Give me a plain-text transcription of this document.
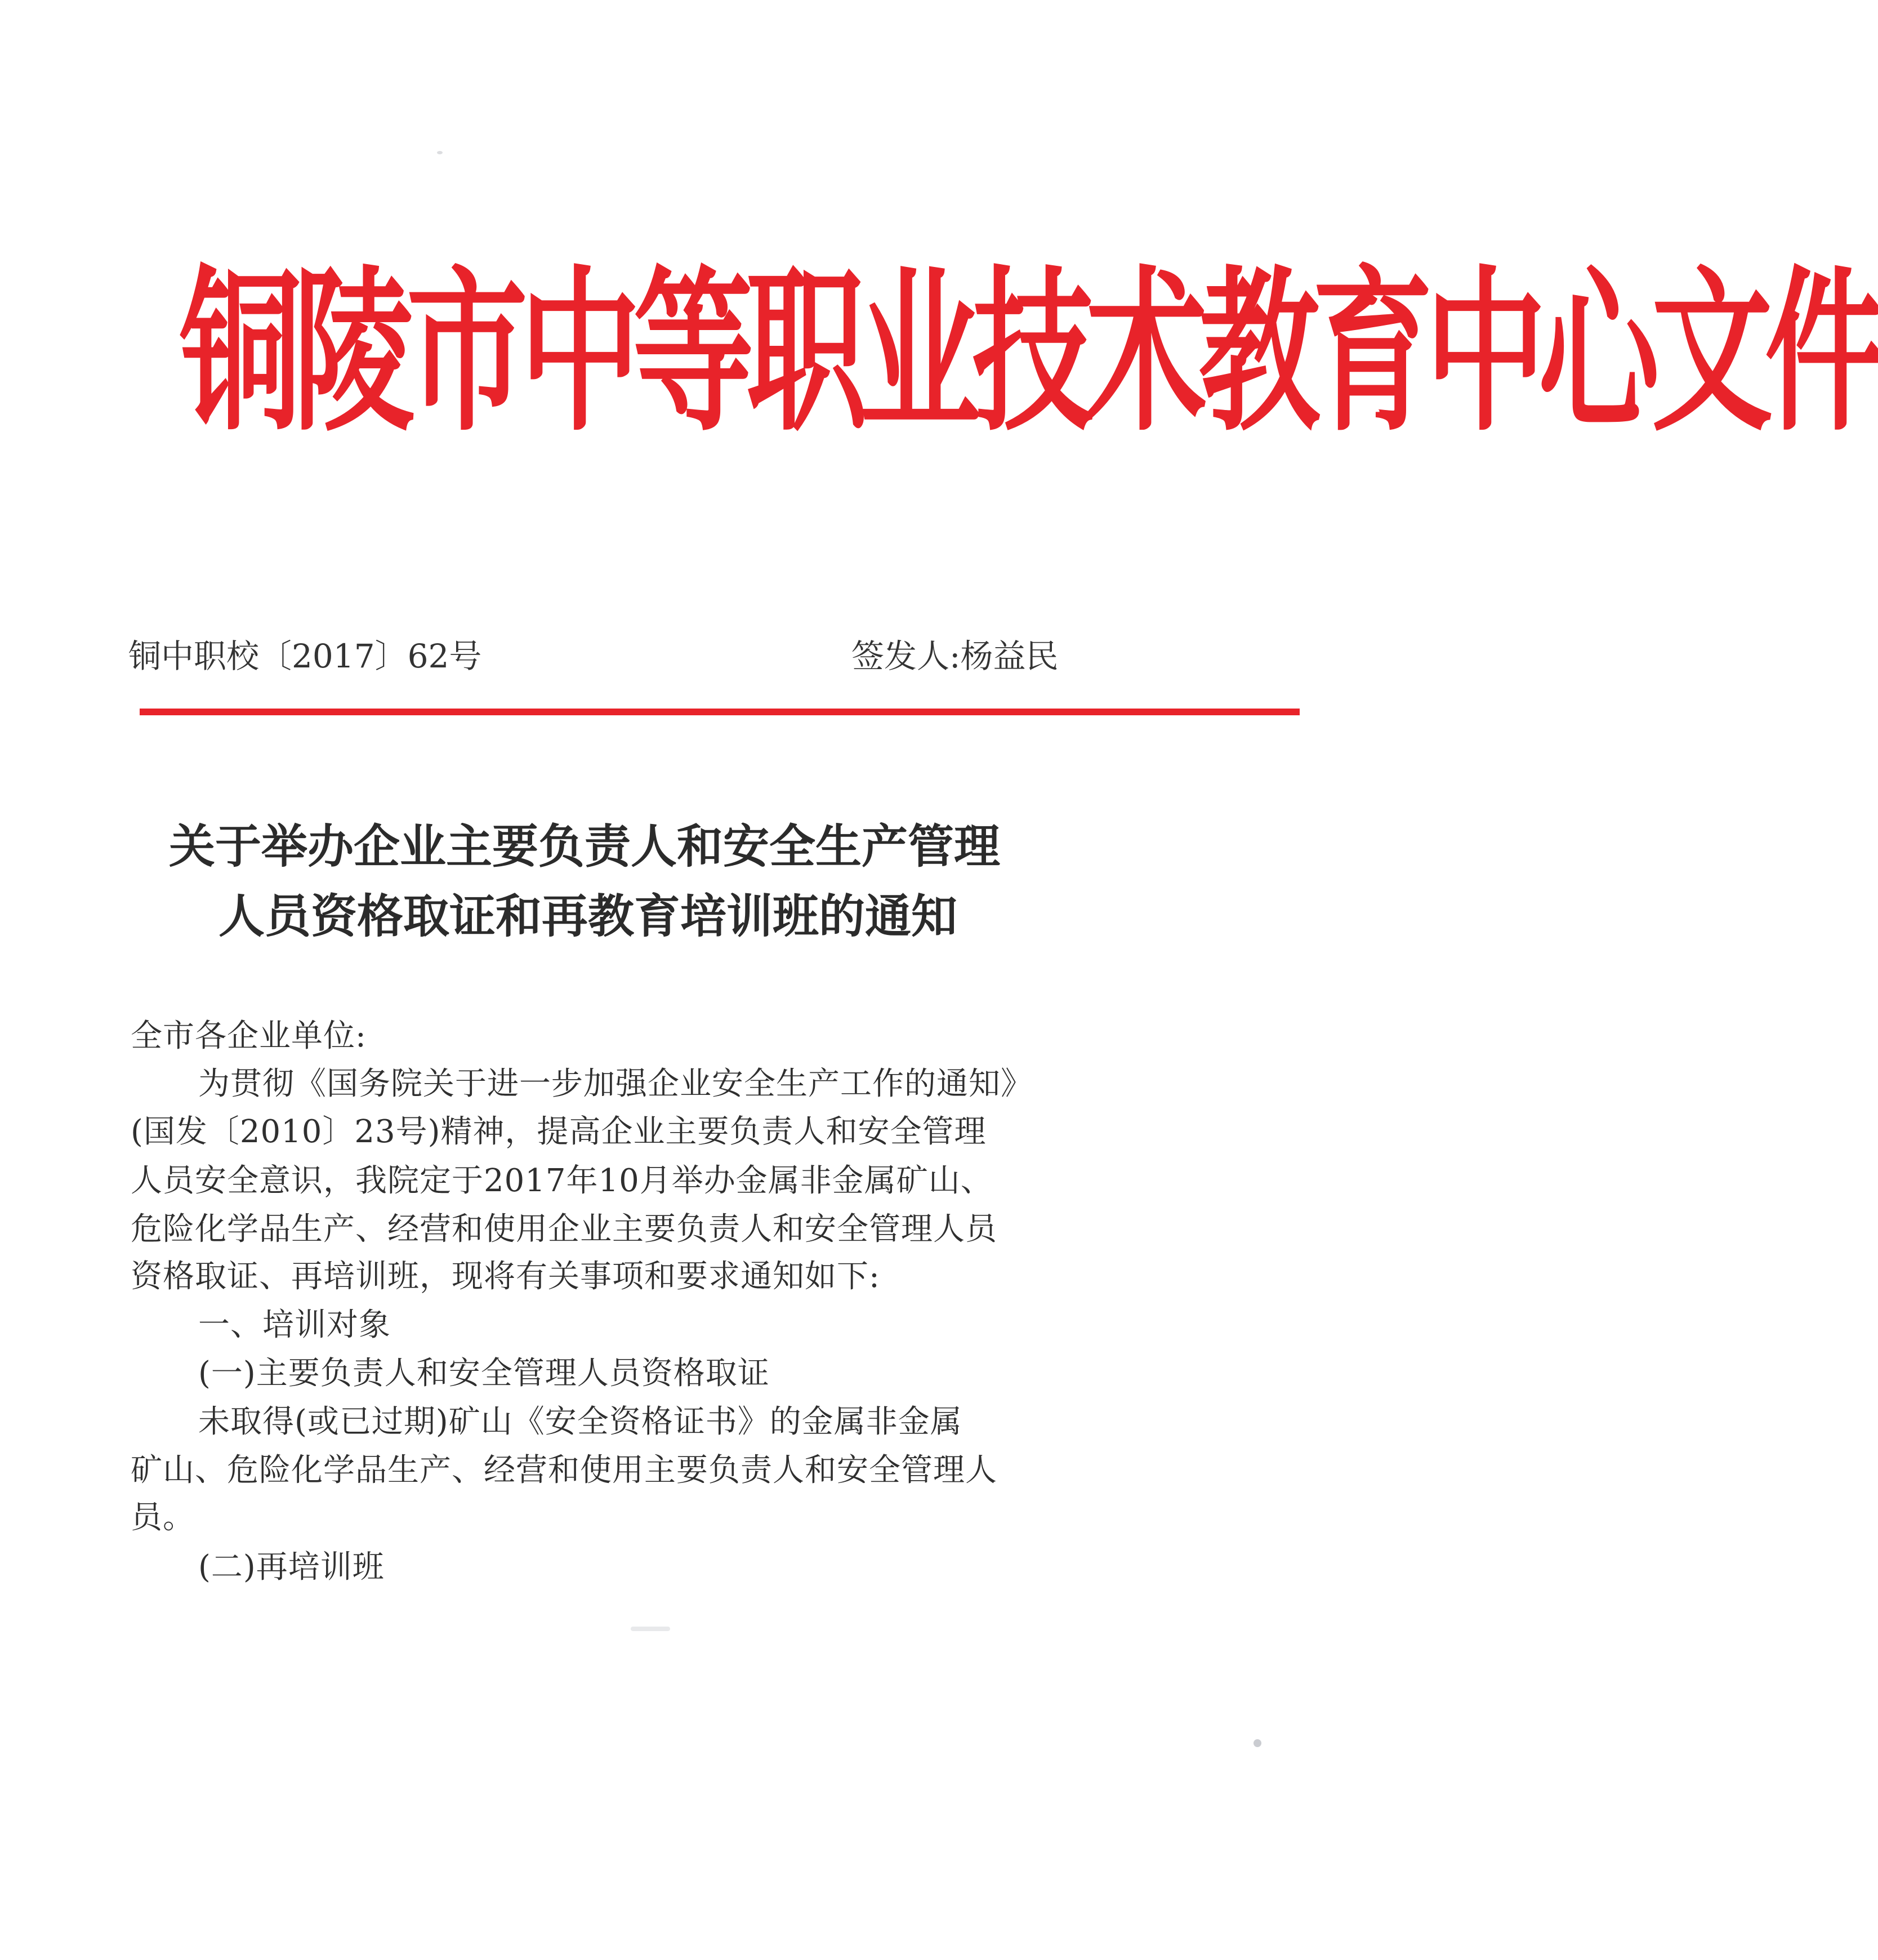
铜陵市中等职业技术教育中心文件
铜中职校〔2017〕62号	签发人:杨益民
关于举办企业主要负责人和安全生产管理
人员资格取证和再教育培训班的通知
全市各企业单位:
为贯彻《国务院关于进一步加强企业安全生产工作的通知》
(国发〔2010〕23号)精神，提高企业主要负责人和安全管理
人员安全意识，我院定于2017年10月举办金属非金属矿山、
危险化学品生产、经营和使用企业主要负责人和安全管理人员
资格取证、再培训班，现将有关事项和要求通知如下:
一、培训对象
(一)主要负责人和安全管理人员资格取证
未取得(或已过期)矿山《安全资格证书》的金属非金属
矿山、危险化学品生产、经营和使用主要负责人和安全管理人
员。
(二)再培训班
